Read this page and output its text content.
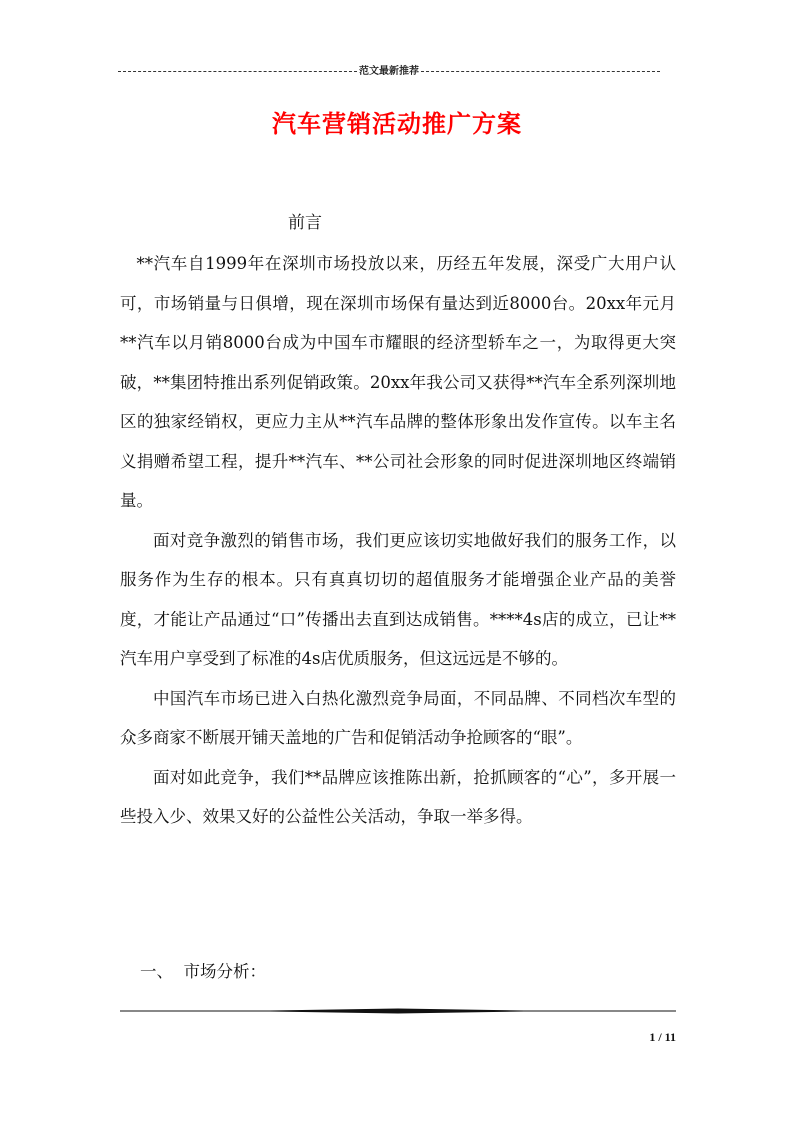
范文最新推荐
汽车营销活动推广方案
前言

**汽车自1999年在深圳市场投放以来，历经五年发展，深受广大用户认可，市场销量与日俱增，现在深圳市场保有量达到近8000台。20xx年元月**汽车以月销8000台成为中国车市耀眼的经济型轿车之一，为取得更大突破，**集团特推出系列促销政策。20xx年我公司又获得**汽车全系列深圳地区的独家经销权，更应力主从**汽车品牌的整体形象出发作宣传。以车主名义捐赠希望工程，提升**汽车、**公司社会形象的同时促进深圳地区终端销量。

面对竞争激烈的销售市场，我们更应该切实地做好我们的服务工作，以服务作为生存的根本。只有真真切切的超值服务才能增强企业产品的美誉度，才能让产品通过“口”传播出去直到达成销售。****4s店的成立，已让**汽车用户享受到了标准的4s店优质服务，但这远远是不够的。

中国汽车市场已进入白热化激烈竞争局面，不同品牌、不同档次车型的众多商家不断展开铺天盖地的广告和促销活动争抢顾客的“眼”。

面对如此竞争，我们**品牌应该推陈出新，抢抓顾客的“心”，多开展一些投入少、效果又好的公益性公关活动，争取一举多得。

一、  市场分析：
1 / 11
